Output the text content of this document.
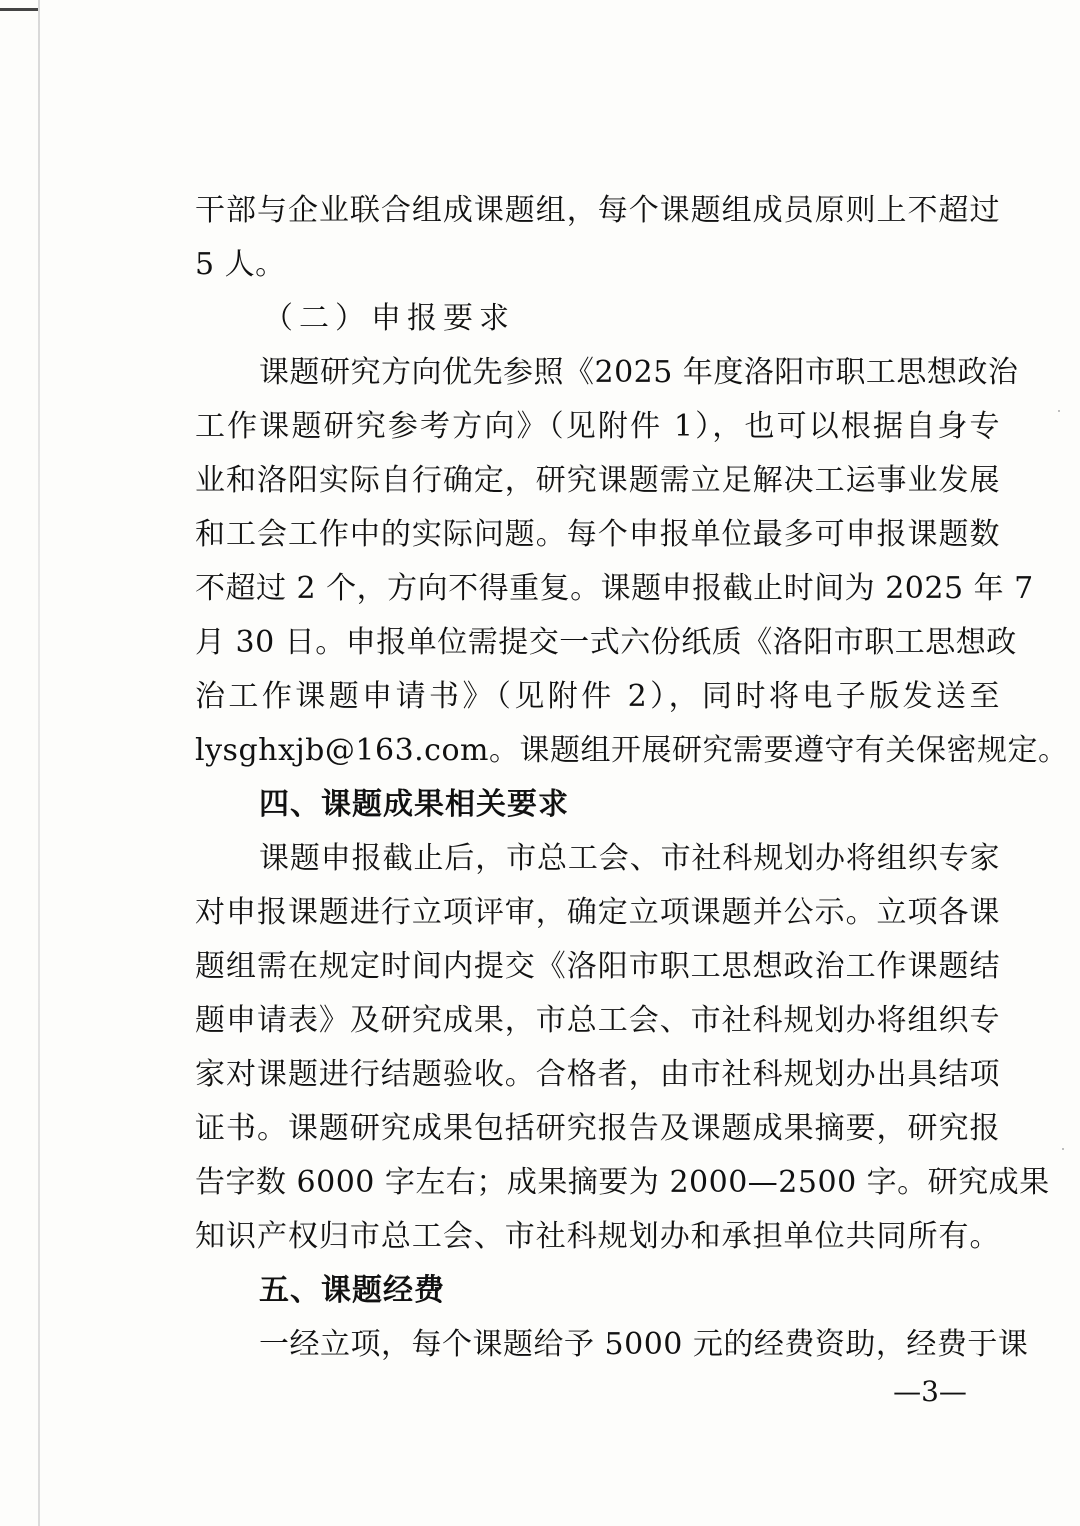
干部与企业联合组成课题组，每个课题组成员原则上不超过
5 人。
（二）申报要求
课题研究方向优先参照《2025 年度洛阳市职工思想政治
工作课题研究参考方向》（见附件 1），也可以根据自身专
业和洛阳实际自行确定，研究课题需立足解决工运事业发展
和工会工作中的实际问题。每个申报单位最多可申报课题数
不超过 2 个，方向不得重复。课题申报截止时间为 2025 年 7
月 30 日。申报单位需提交一式六份纸质《洛阳市职工思想政
治工作课题申请书》（见附件 2），同时将电子版发送至
lysghxjb@163.com。课题组开展研究需要遵守有关保密规定。
四、课题成果相关要求
课题申报截止后，市总工会、市社科规划办将组织专家
对申报课题进行立项评审，确定立项课题并公示。立项各课
题组需在规定时间内提交《洛阳市职工思想政治工作课题结
题申请表》及研究成果，市总工会、市社科规划办将组织专
家对课题进行结题验收。合格者，由市社科规划办出具结项
证书。课题研究成果包括研究报告及课题成果摘要，研究报
告字数 6000 字左右；成果摘要为 2000—2500 字。研究成果
知识产权归市总工会、市社科规划办和承担单位共同所有。
五、课题经费
一经立项，每个课题给予 5000 元的经费资助，经费于课
—3—
